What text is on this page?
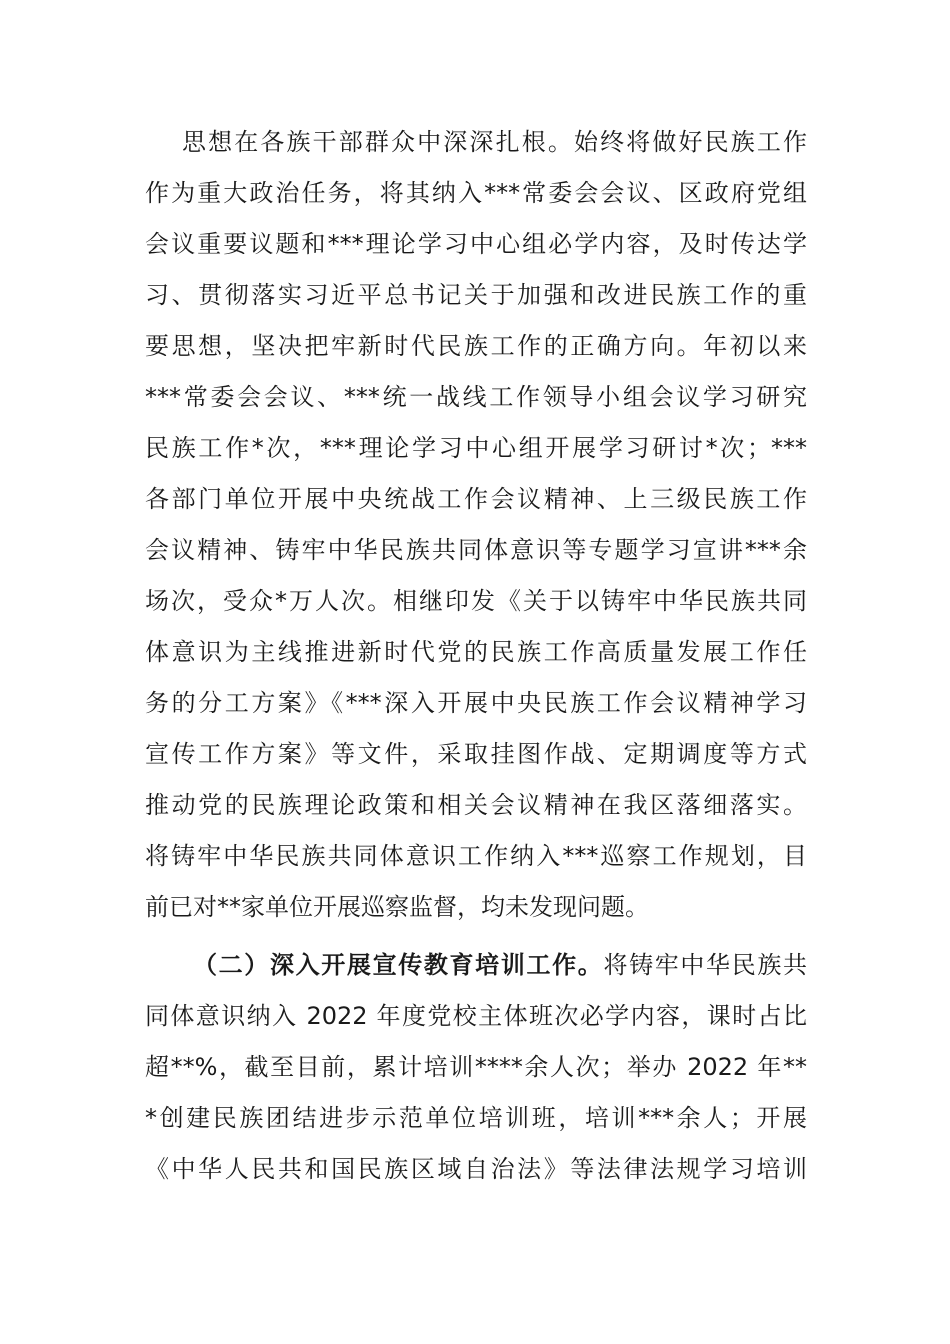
思想在各族干部群众中深深扎根。始终将做好民族工作
作为重大政治任务，将其纳入***常委会会议、区政府党组
会议重要议题和***理论学习中心组必学内容，及时传达学
习、贯彻落实习近平总书记关于加强和改进民族工作的重
要思想，坚决把牢新时代民族工作的正确方向。年初以来
***常委会会议、***统一战线工作领导小组会议学习研究
民族工作*次，***理论学习中心组开展学习研讨*次；***
各部门单位开展中央统战工作会议精神、上三级民族工作
会议精神、铸牢中华民族共同体意识等专题学习宣讲***余
场次，受众*万人次。相继印发《关于以铸牢中华民族共同
体意识为主线推进新时代党的民族工作高质量发展工作任
务的分工方案》《***深入开展中央民族工作会议精神学习
宣传工作方案》等文件，采取挂图作战、定期调度等方式
推动党的民族理论政策和相关会议精神在我区落细落实。
将铸牢中华民族共同体意识工作纳入***巡察工作规划，目
前已对**家单位开展巡察监督，均未发现问题。
（二）深入开展宣传教育培训工作。将铸牢中华民族共
同体意识纳入 2022 年度党校主体班次必学内容，课时占比
超**%，截至目前，累计培训****余人次；举办 2022 年**
*创建民族团结进步示范单位培训班，培训***余人；开展
《中华人民共和国民族区域自治法》等法律法规学习培训
